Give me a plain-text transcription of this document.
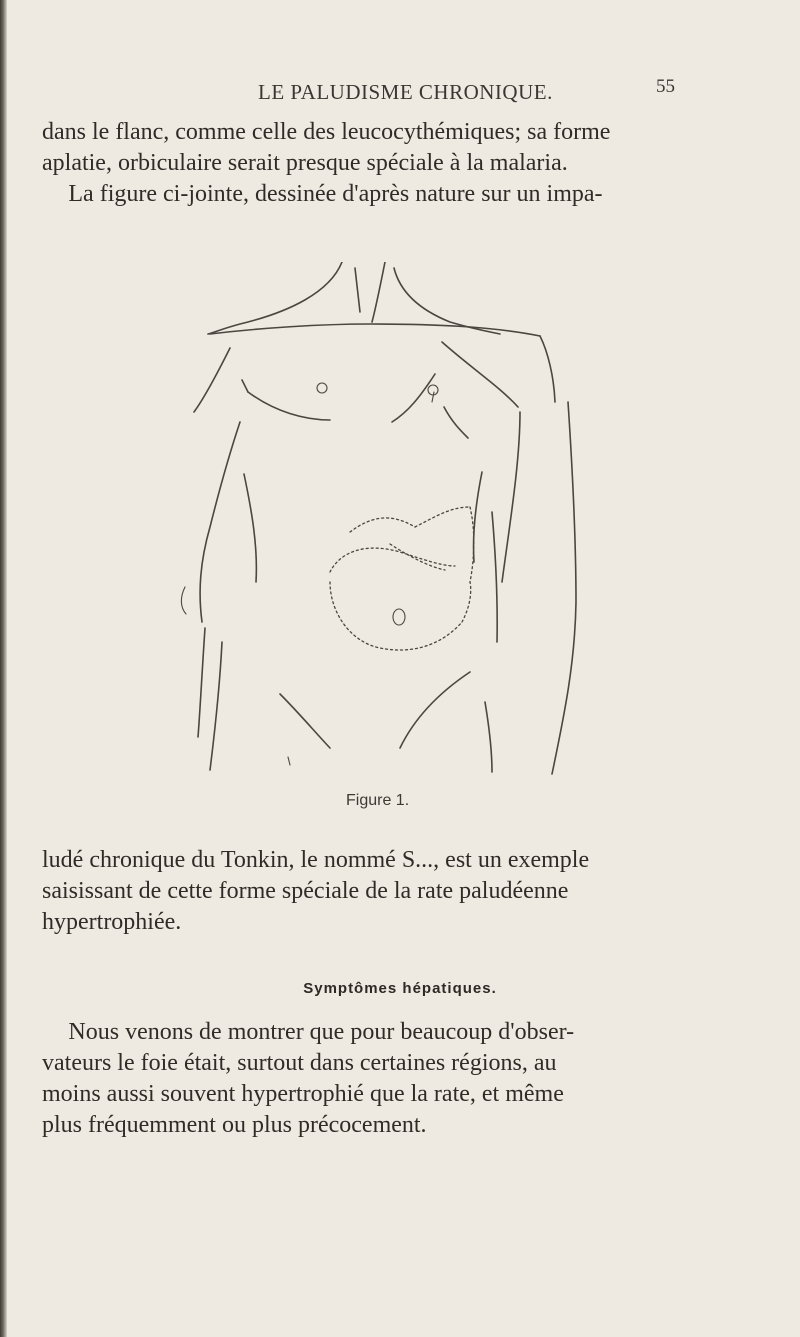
LE PALUDISME CHRONIQUE.	55

dans le flanc, comme celle des leucocythémiques; sa forme

aplatie, orbiculaire serait presque spéciale à la malaria.

La figure ci-jointe, dessinée d'après nature sur un impa-

Figure 1.

ludé chronique du Tonkin, le nommé S..., est un exemple

saisissant de cette forme spéciale de la rate paludéenne

hypertrophiée.

Symptômes hépatiques.

Nous venons de montrer que pour beaucoup d'obser-

vateurs le foie était, surtout dans certaines régions, au

moins aussi souvent hypertrophié que la rate, et même

plus fréquemment ou plus précocement.
